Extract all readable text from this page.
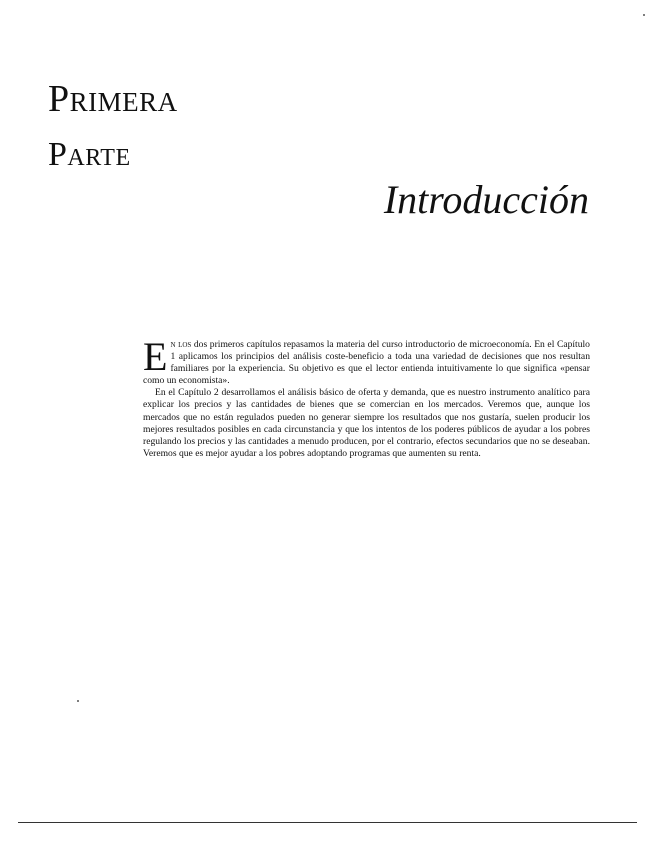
Primera
Parte
Introducción

En los dos primeros capítulos repasamos la materia del curso introductorio de microeconomía. En el Capítulo 1 aplicamos los principios del análisis coste-beneficio a toda una variedad de decisiones que nos resultan familiares por la experiencia. Su objetivo es que el lector entienda intuitivamente lo que significa «pensar como un economista».

En el Capítulo 2 desarrollamos el análisis básico de oferta y demanda, que es nuestro instrumento analítico para explicar los precios y las cantidades de bienes que se comercian en los mercados. Veremos que, aunque los mercados que no están regulados pueden no generar siempre los resultados que nos gustaría, suelen producir los mejores resultados posibles en cada circunstancia y que los intentos de los poderes públicos de ayudar a los pobres regulando los precios y las cantidades a menudo producen, por el contrario, efectos secundarios que no se deseaban. Veremos que es mejor ayudar a los pobres adoptando programas que aumenten su renta.
